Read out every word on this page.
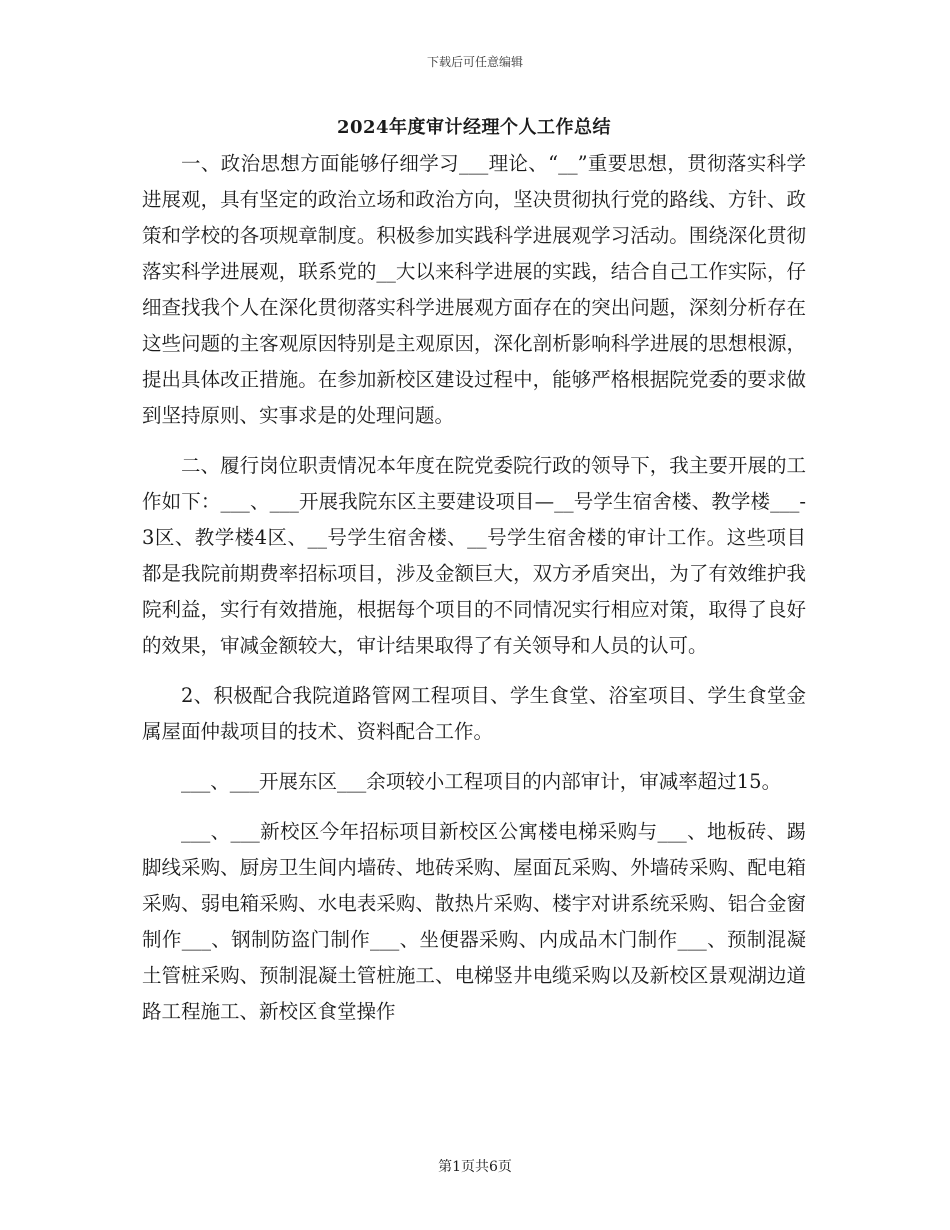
下载后可任意编辑
2024年度审计经理个人工作总结

一、政治思想方面能够仔细学习___理论、“__”重要思想，贯彻落实科学进展观，具有坚定的政治立场和政治方向，坚决贯彻执行党的路线、方针、政策和学校的各项规章制度。积极参加实践科学进展观学习活动。围绕深化贯彻落实科学进展观，联系党的__大以来科学进展的实践，结合自己工作实际，仔细查找我个人在深化贯彻落实科学进展观方面存在的突出问题，深刻分析存在这些问题的主客观原因特别是主观原因，深化剖析影响科学进展的思想根源，提出具体改正措施。在参加新校区建设过程中，能够严格根据院党委的要求做到坚持原则、实事求是的处理问题。

二、履行岗位职责情况本年度在院党委院行政的领导下，我主要开展的工作如下：___、___开展我院东区主要建设项目—__号学生宿舍楼、教学楼___-3区、教学楼4区、__号学生宿舍楼、__号学生宿舍楼的审计工作。这些项目都是我院前期费率招标项目，涉及金额巨大，双方矛盾突出，为了有效维护我院利益，实行有效措施，根据每个项目的不同情况实行相应对策，取得了良好的效果，审减金额较大，审计结果取得了有关领导和人员的认可。

2、积极配合我院道路管网工程项目、学生食堂、浴室项目、学生食堂金属屋面仲裁项目的技术、资料配合工作。

___、___开展东区___余项较小工程项目的内部审计，审减率超过15。

___、___新校区今年招标项目新校区公寓楼电梯采购与___、地板砖、踢脚线采购、厨房卫生间内墙砖、地砖采购、屋面瓦采购、外墙砖采购、配电箱采购、弱电箱采购、水电表采购、散热片采购、楼宇对讲系统采购、铝合金窗制作___、钢制防盗门制作___、坐便器采购、内成品木门制作___、预制混凝土管桩采购、预制混凝土管桩施工、电梯竖井电缆采购以及新校区景观湖边道路工程施工、新校区食堂操作

第1页共6页
